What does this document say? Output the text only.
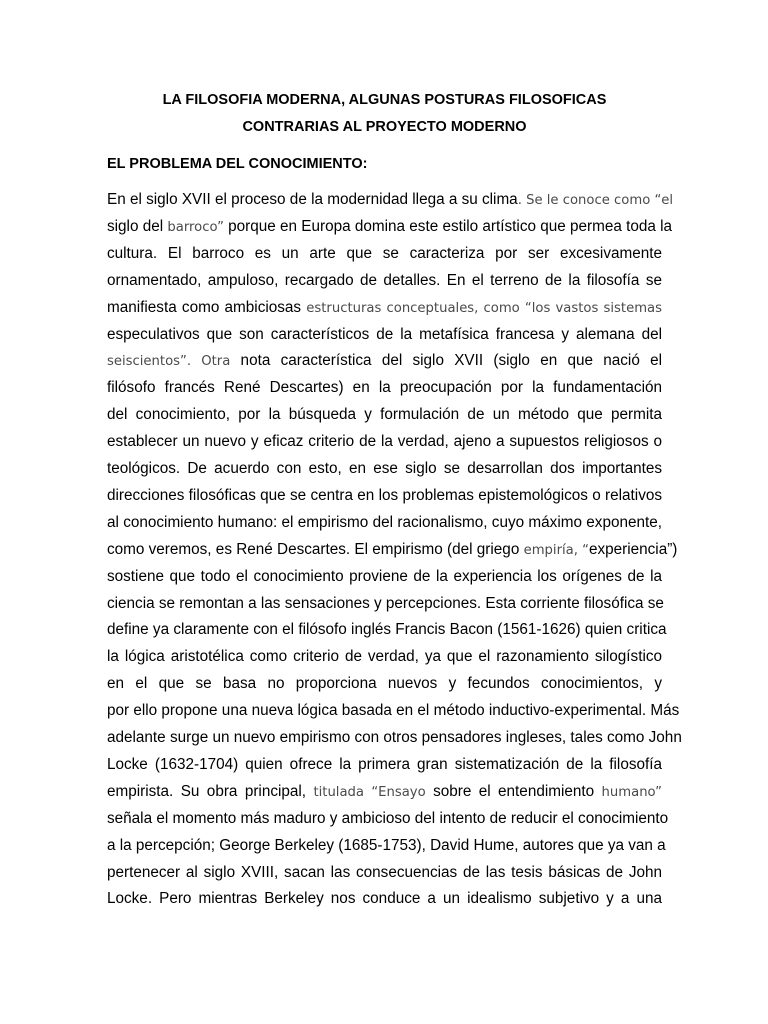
LA FILOSOFIA MODERNA, ALGUNAS POSTURAS FILOSOFICAS
CONTRARIAS AL PROYECTO MODERNO
EL PROBLEMA DEL CONOCIMIENTO:
En el siglo XVII el proceso de la modernidad llega a su clima. Se le conoce como “el
siglo del barroco” porque en Europa domina este estilo artístico que permea toda la
cultura. El barroco es un arte que se caracteriza por ser excesivamente
ornamentado, ampuloso, recargado de detalles. En el terreno de la filosofía se
manifiesta como ambiciosas estructuras conceptuales, como “los vastos sistemas
especulativos que son característicos de la metafísica francesa y alemana del
seiscientos”. Otra nota característica del siglo XVII (siglo en que nació el
filósofo francés René Descartes) en la preocupación por la fundamentación
del conocimiento, por la búsqueda y formulación de un método que permita
establecer un nuevo y eficaz criterio de la verdad, ajeno a supuestos religiosos o
teológicos. De acuerdo con esto, en ese siglo se desarrollan dos importantes
direcciones filosóficas que se centra en los problemas epistemológicos o relativos
al conocimiento humano: el empirismo del racionalismo, cuyo máximo exponente,
como veremos, es René Descartes. El empirismo (del griego empiría, “experiencia”)
sostiene que todo el conocimiento proviene de la experiencia los orígenes de la
ciencia se remontan a las sensaciones y percepciones. Esta corriente filosófica se
define ya claramente con el filósofo inglés Francis Bacon (1561-1626) quien critica
la lógica aristotélica como criterio de verdad, ya que el razonamiento silogístico
en el que se basa no proporciona nuevos y fecundos conocimientos, y
por ello propone una nueva lógica basada en el método inductivo-experimental. Más
adelante surge un nuevo empirismo con otros pensadores ingleses, tales como John
Locke (1632-1704) quien ofrece la primera gran sistematización de la filosofía
empirista. Su obra principal, titulada “Ensayo sobre el entendimiento humano”
señala el momento más maduro y ambicioso del intento de reducir el conocimiento
a la percepción; George Berkeley (1685-1753), David Hume, autores que ya van a
pertenecer al siglo XVIII, sacan las consecuencias de las tesis básicas de John
Locke. Pero mientras Berkeley nos conduce a un idealismo subjetivo y a una
